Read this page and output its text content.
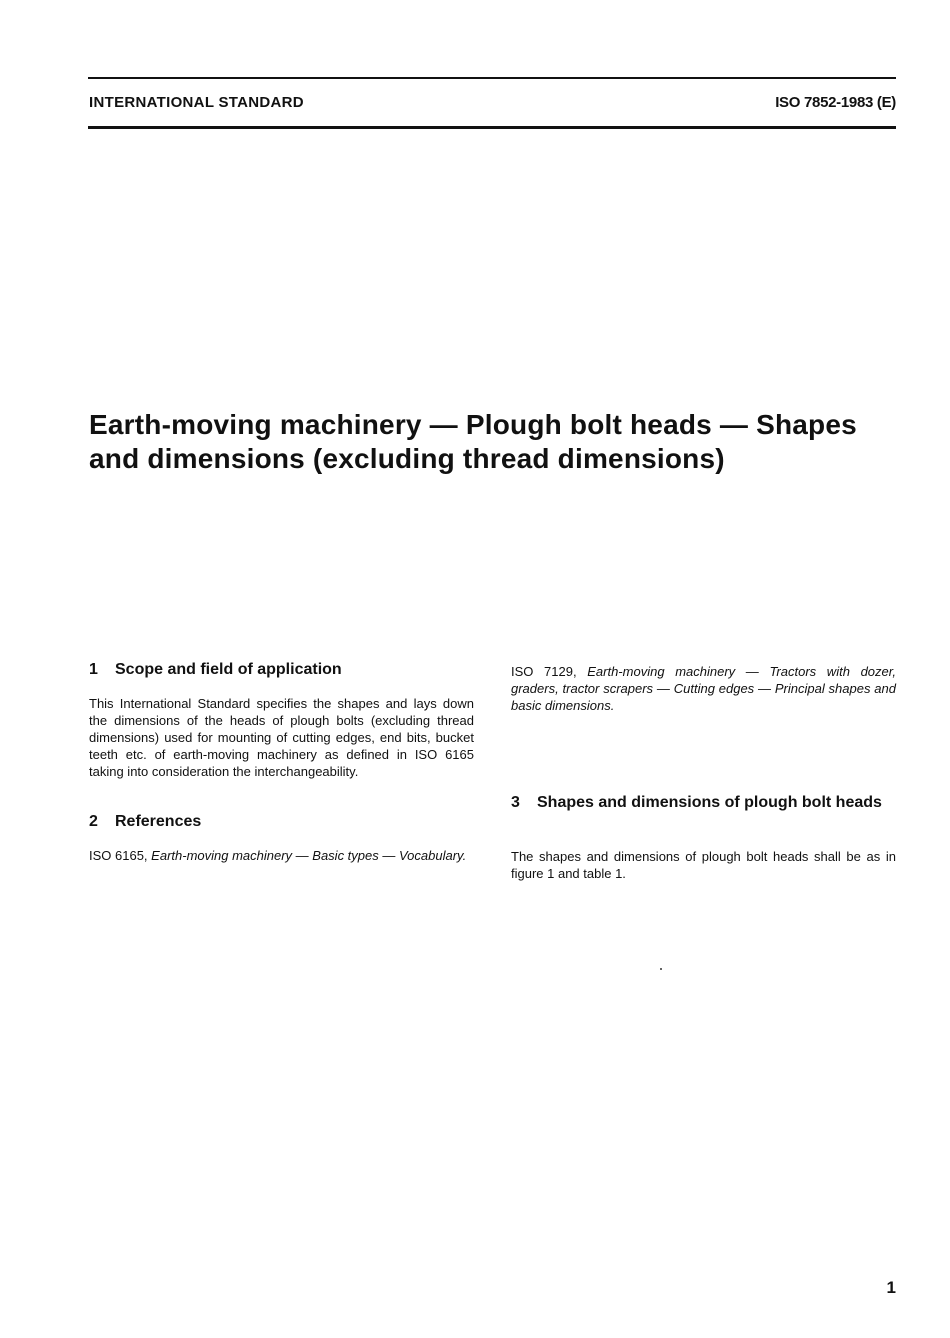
INTERNATIONAL STANDARD	ISO 7852-1983 (E)
Earth-moving machinery — Plough bolt heads — Shapes
and dimensions (excluding thread dimensions)
1 Scope and field of application

This International Standard specifies the shapes and lays down the dimensions of the heads of plough bolts (excluding thread dimensions) used for mounting of cutting edges, end bits, bucket teeth etc. of earth-moving machinery as defined in ISO 6165 taking into consideration the interchangeability.

2 References

ISO 6165, Earth-moving machinery — Basic types — Vocabulary.

ISO 7129, Earth-moving machinery — Tractors with dozer, graders, tractor scrapers — Cutting edges — Principal shapes and basic dimensions.

3 Shapes and dimensions of plough bolt heads

The shapes and dimensions of plough bolt heads shall be as in figure 1 and table 1.

1
